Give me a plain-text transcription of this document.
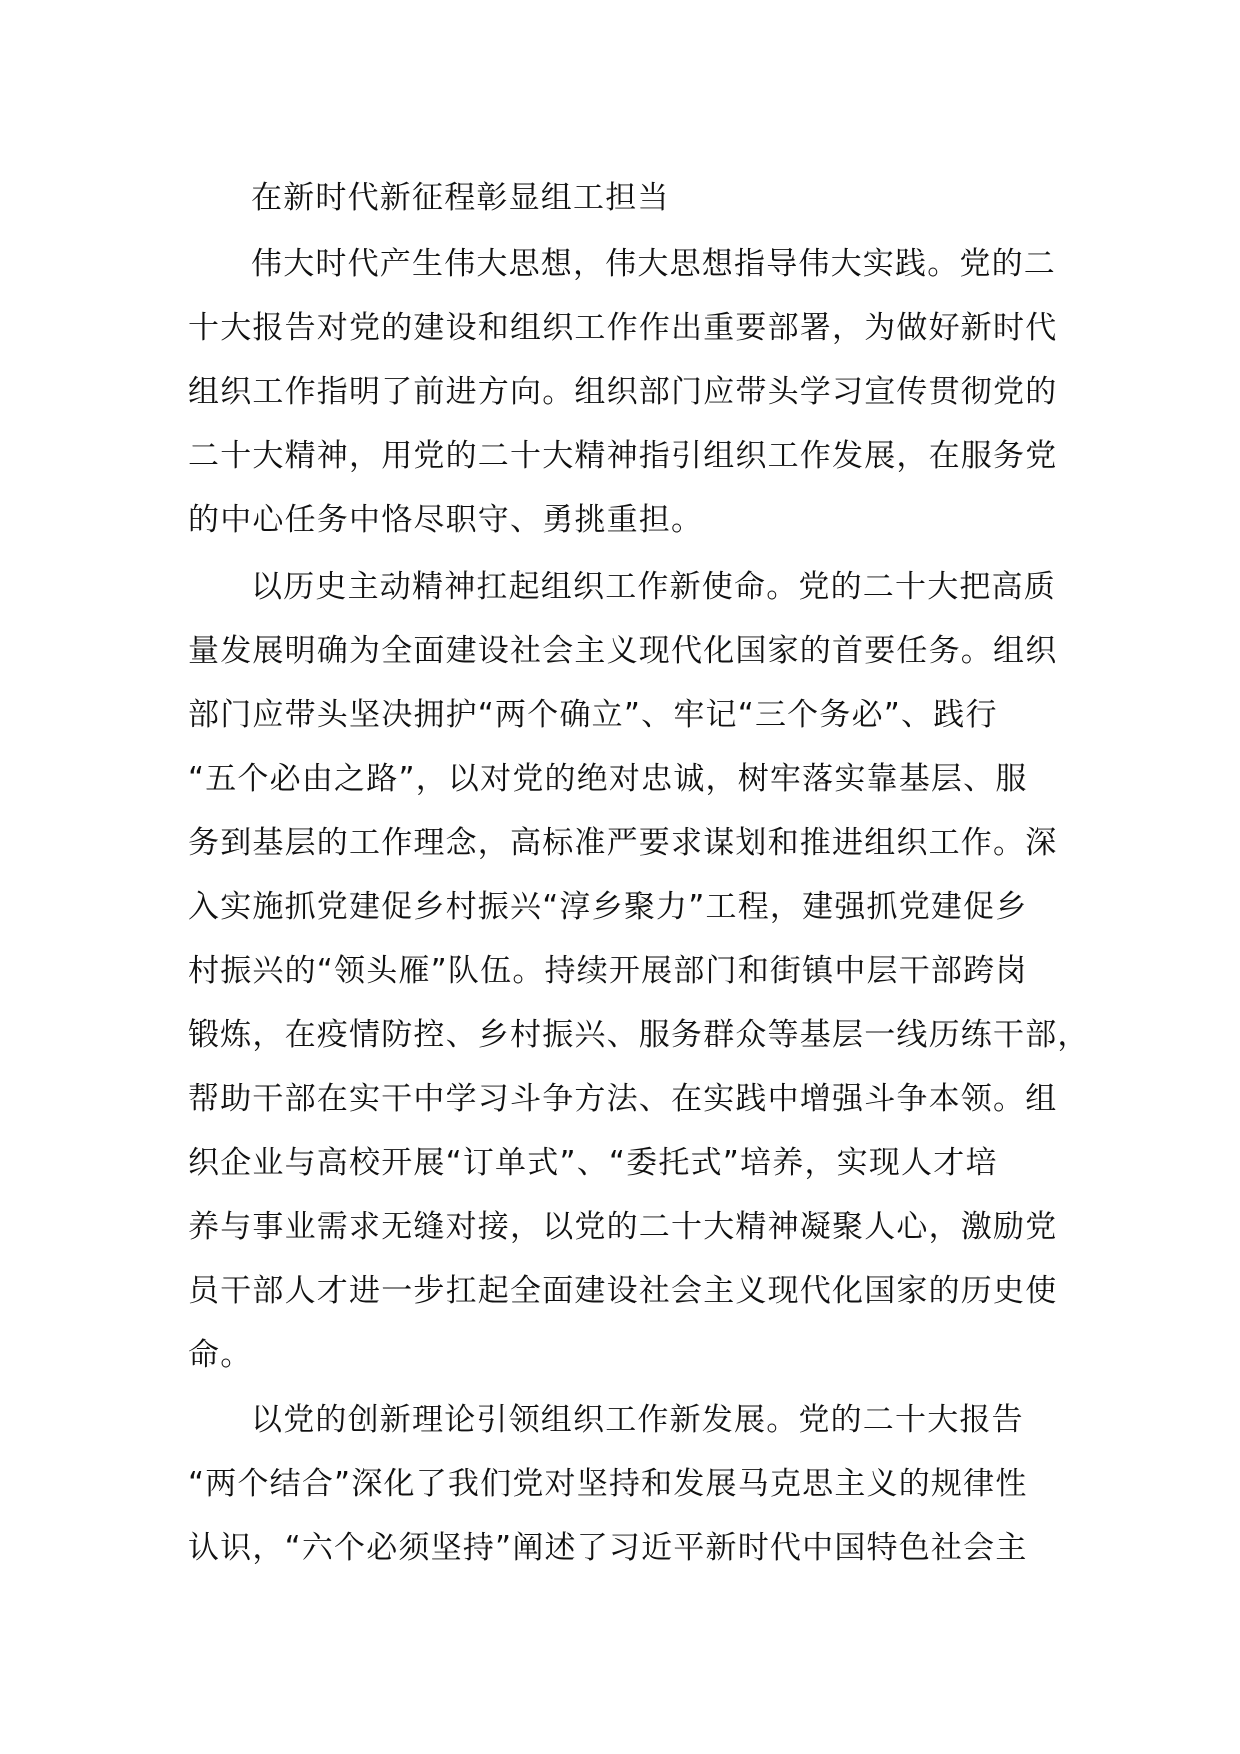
在新时代新征程彰显组工担当
伟大时代产生伟大思想，伟大思想指导伟大实践。党的二
十大报告对党的建设和组织工作作出重要部署，为做好新时代
组织工作指明了前进方向。组织部门应带头学习宣传贯彻党的
二十大精神，用党的二十大精神指引组织工作发展，在服务党
的中心任务中恪尽职守、勇挑重担。
以历史主动精神扛起组织工作新使命。党的二十大把高质
量发展明确为全面建设社会主义现代化国家的首要任务。组织
部门应带头坚决拥护“两个确立”、牢记“三个务必”、践行
“五个必由之路”，以对党的绝对忠诚，树牢落实靠基层、服
务到基层的工作理念，高标准严要求谋划和推进组织工作。深
入实施抓党建促乡村振兴“淳乡聚力”工程，建强抓党建促乡
村振兴的“领头雁”队伍。持续开展部门和街镇中层干部跨岗
锻炼，在疫情防控、乡村振兴、服务群众等基层一线历练干部，
帮助干部在实干中学习斗争方法、在实践中增强斗争本领。组
织企业与高校开展“订单式”、“委托式”培养，实现人才培
养与事业需求无缝对接，以党的二十大精神凝聚人心，激励党
员干部人才进一步扛起全面建设社会主义现代化国家的历史使
命。
以党的创新理论引领组织工作新发展。党的二十大报告
“两个结合”深化了我们党对坚持和发展马克思主义的规律性
认识，“六个必须坚持”阐述了习近平新时代中国特色社会主
